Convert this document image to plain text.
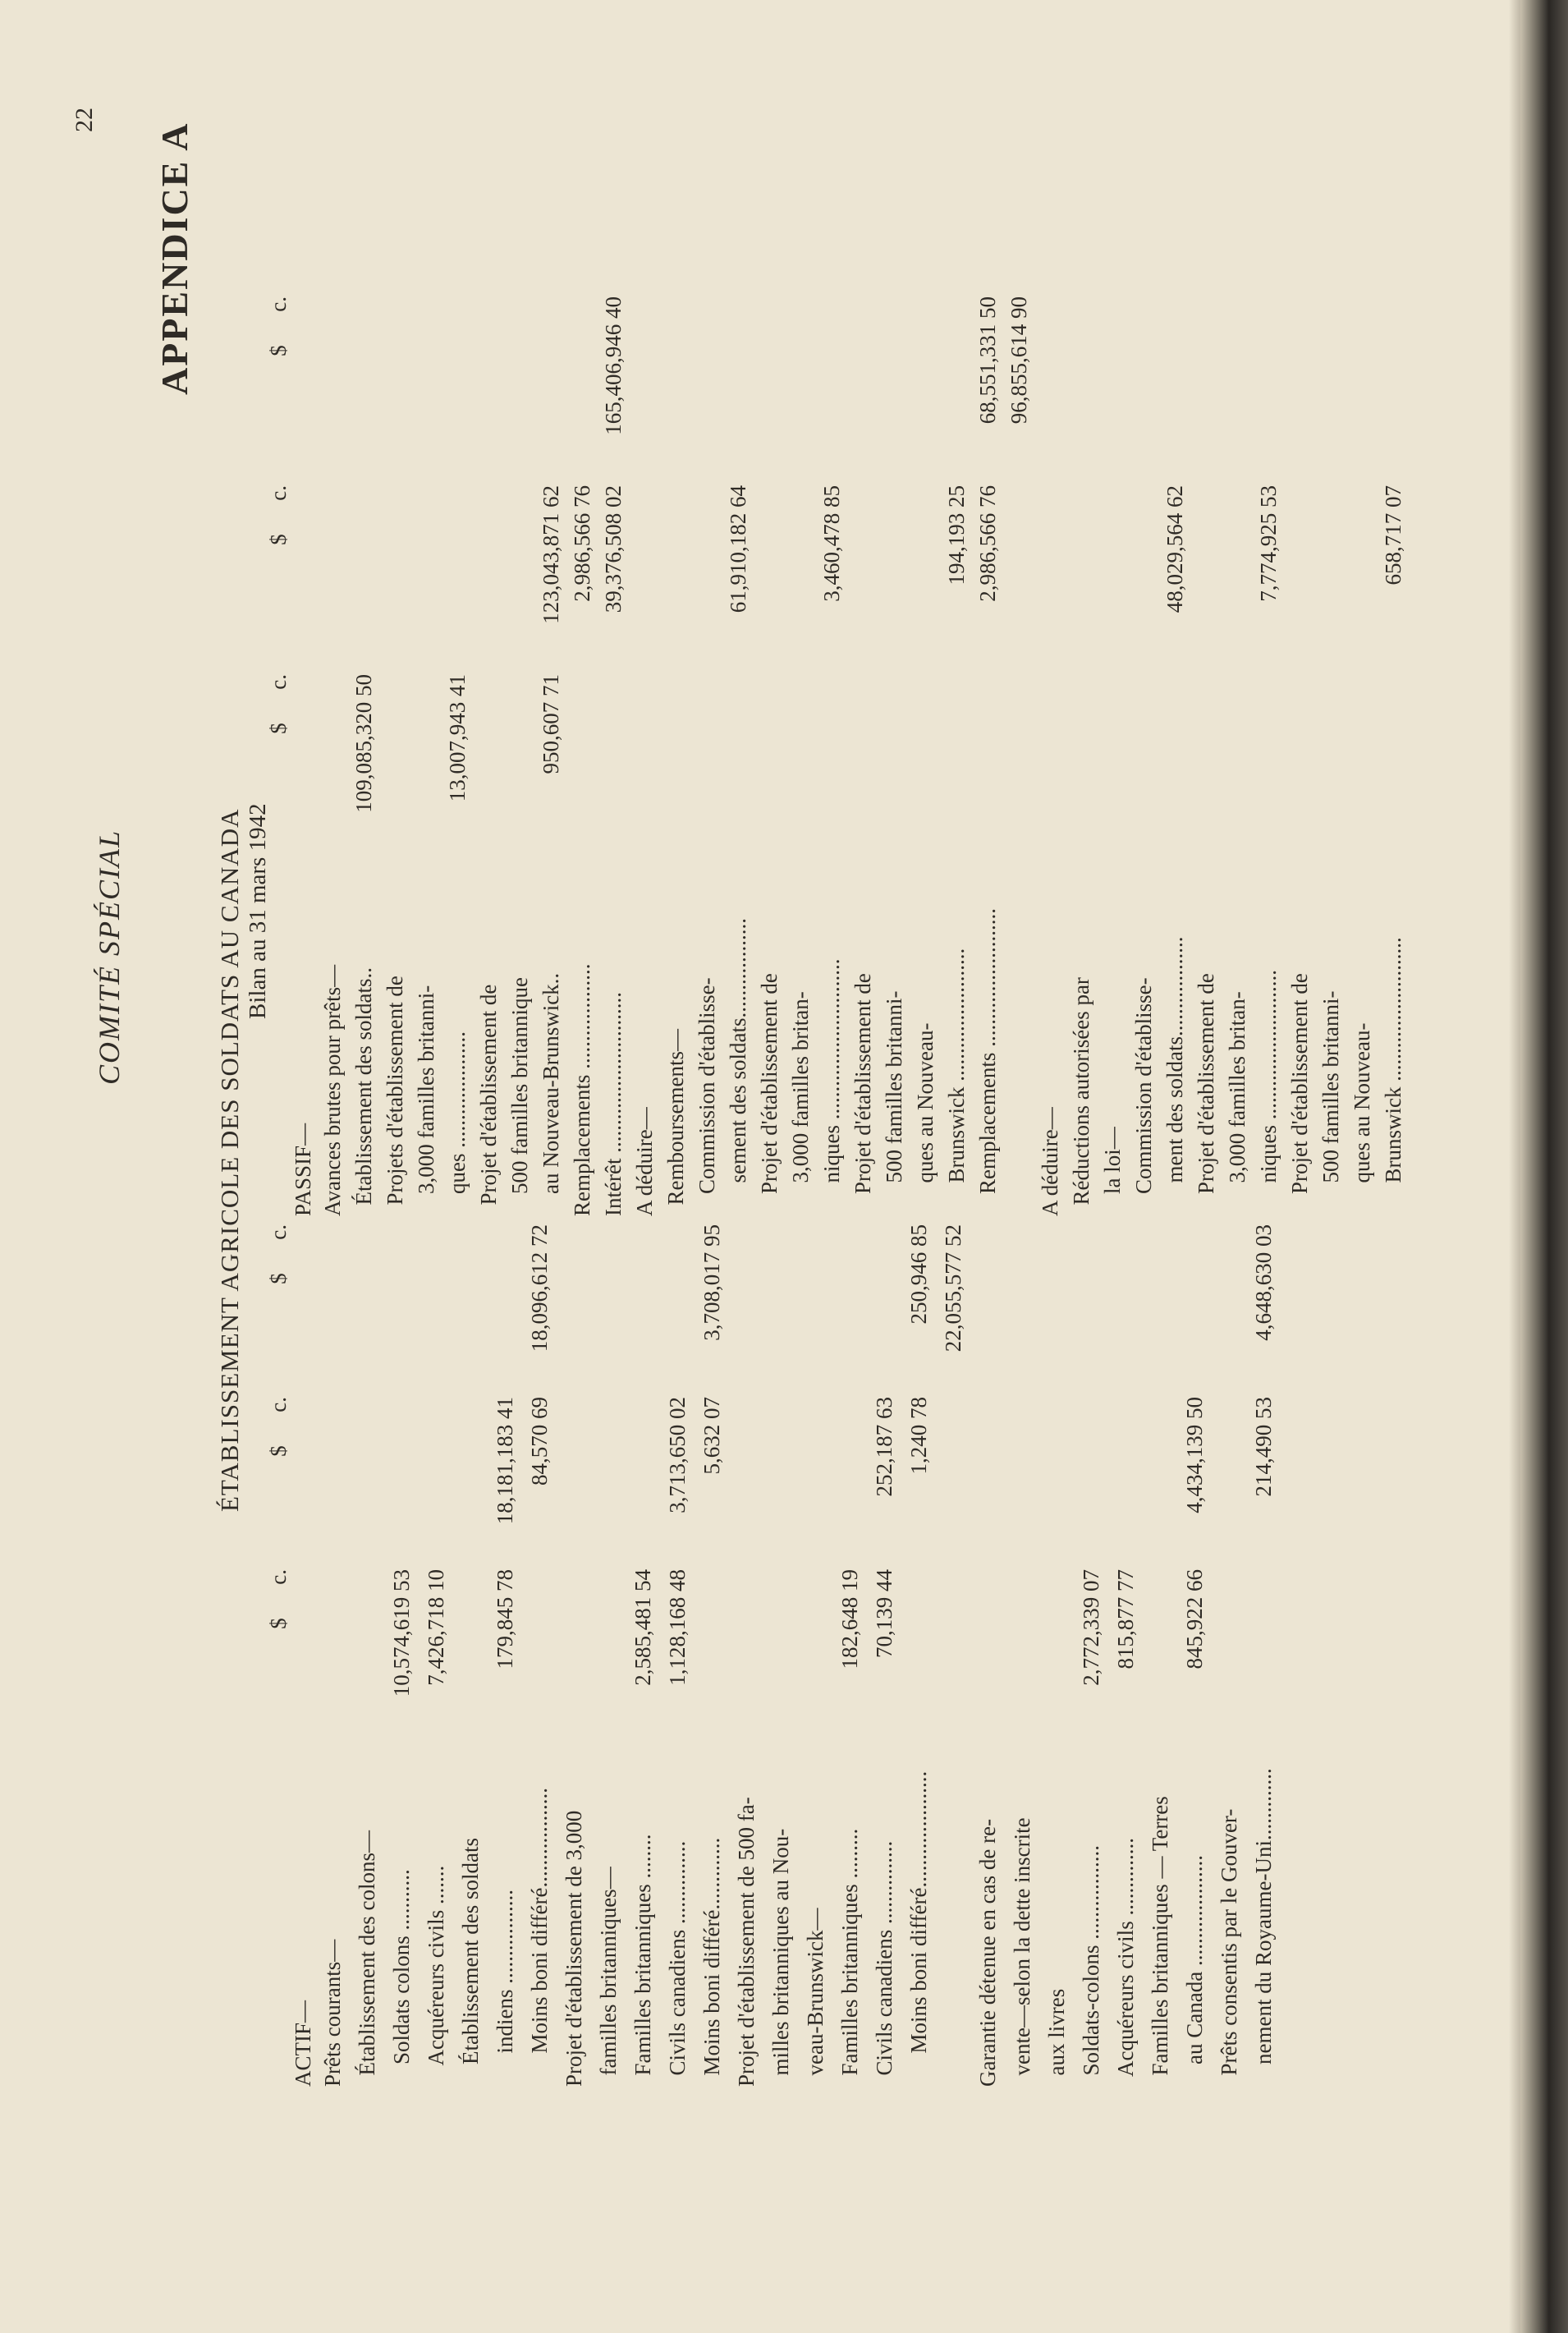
22
COMITÉ SPÉCIAL
APPENDICE A
ÉTABLISSEMENT AGRICOLE DES SOLDATS AU CANADA Bilan au 31 mars 1942
ACTIF—
$      c.
$      c.
$      c.
Prêts courants— Établissement des colons— Soldats colons ...........
10,574,619 53
Acquéreurs civils .......
7,426,718 10
Établissement des soldats indiens .................
179,845 78
18,181,183 41
Moins boni différé..................
84,570 69
18,096,612 72
Projet d'établissement de 3,000 familles britanniques— Familles britanniques ........
2,585,481 54
Civils canadiens ...............
1,128,168 48
3,713,650 02
Moins boni différé.............
5,632 07
3,708,017 95
Projet d'établissement de 500 fa- milles britanniques au Nou- veau-Brunswick— Familles britanniques .........
182,648 19
Civils canadiens ...............
70,139 44
252,187 63
Moins boni différé.....................
1,240 78
250,946 85 22,055,577 52
Garantie détenue en cas de re- vente—selon la dette inscrite aux livres Soldats-colons .................
2,772,339 07
Acquéreurs civils ..............
815,877 77
Familles britanniques — Terres au Canada ....................
845,922 66
4,434,139 50
Prêts consentis par le Gouver- nement du Royaume-Uni.............
214,490 53
4,648,630 03
PASSIF—
$      c.
$      c.
$      c.
Avances brutes pour prêts— Établissement des soldats..
109,085,320 50
Projets d'établissement de 3,000 familles britanni- ques .....................
13,007,943 41
Projet d'établissement de 500 familles britannique au Nouveau-Brunswick..
950,607 71
123,043,871 62
Remplacements ...................
2,986,566 76
Intérêt .............................
39,376,508 02
165,406,946 40
A déduire— Remboursements— Commission d'établisse- sement des soldats..................
61,910,182 64
Projet d'établissement de 3,000 familles britan- niques .............................
3,460,478 85
Projet d'établissement de 500 familles britanni- ques au Nouveau- Brunswick ........................
194,193 25
Remplacements .........................
2,986,566 76
68,551,331 50 96,855,614 90
A déduire— Réductions autorisées par la loi— Commission d'établisse- ment des soldats..................
48,029,564 62
Projet d'établissement de 3,000 familles britan- niques ...........................
7,774,925 53
Projet d'établissement de 500 familles britanni- ques au Nouveau- Brunswick ..........................
658,717 07
